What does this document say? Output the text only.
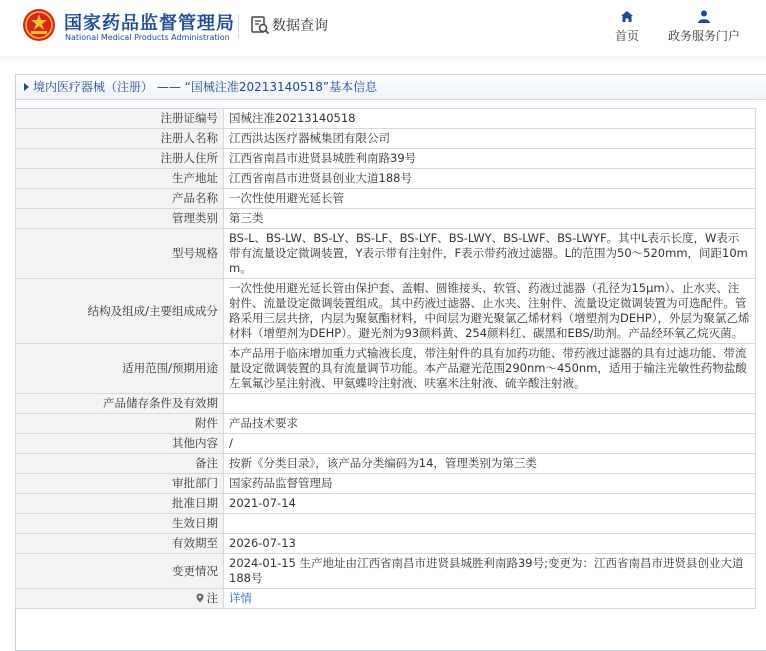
国家药品监督管理局
National Medical Products Administration
数据查询
首页 政务服务门户
境内医疗器械（注册） —— “国械注准20213140518”基本信息
注册证编号	国械注准20213140518
注册人名称	江西洪达医疗器械集团有限公司
注册人住所	江西省南昌市进贤县城胜利南路39号
生产地址	江西省南昌市进贤县创业大道188号
产品名称	一次性使用避光延长管
管理类别	第三类
型号规格	BS-L、BS-LW、BS-LY、BS-LF、BS-LYF、BS-LWY、BS-LWF、BS-LWYF。其中L表示长度，W表示带有流量设定微调装置，Y表示带有注射件，F表示带药液过滤器。L的范围为50～520mm，间距10mm。
结构及组成/主要组成成分	一次性使用避光延长管由保护套、盖帽、圆锥接头、软管、药液过滤器（孔径为15μm）、止水夹、注射件、流量设定微调装置组成。其中药液过滤器、止水夹、注射件、流量设定微调装置为可选配件。管路采用三层共挤，内层为聚氨酯材料，中间层为避光聚氯乙烯材料（增塑剂为DEHP），外层为聚氯乙烯材料（增塑剂为DEHP）。避光剂为93颜料黄、254颜料红、碳黑和EBS/助剂。产品经环氧乙烷灭菌。
适用范围/预期用途	本产品用于临床增加重力式输液长度，带注射件的具有加药功能、带药液过滤器的具有过滤功能、带流量设定微调装置的具有流量调节功能。本产品避光范围290nm～450nm，适用于输注光敏性药物盐酸左氧氟沙星注射液、甲氨蝶呤注射液、呋塞米注射液、硫辛酸注射液。
产品储存条件及有效期	
附件	产品技术要求
其他内容	/
备注	按新《分类目录》，该产品分类编码为14，管理类别为第三类
审批部门	国家药品监督管理局
批准日期	2021-07-14
生效日期	
有效期至	2026-07-13
变更情况	2024-01-15 生产地址由江西省南昌市进贤县城胜利南路39号;变更为：江西省南昌市进贤县创业大道188号
注	详情
